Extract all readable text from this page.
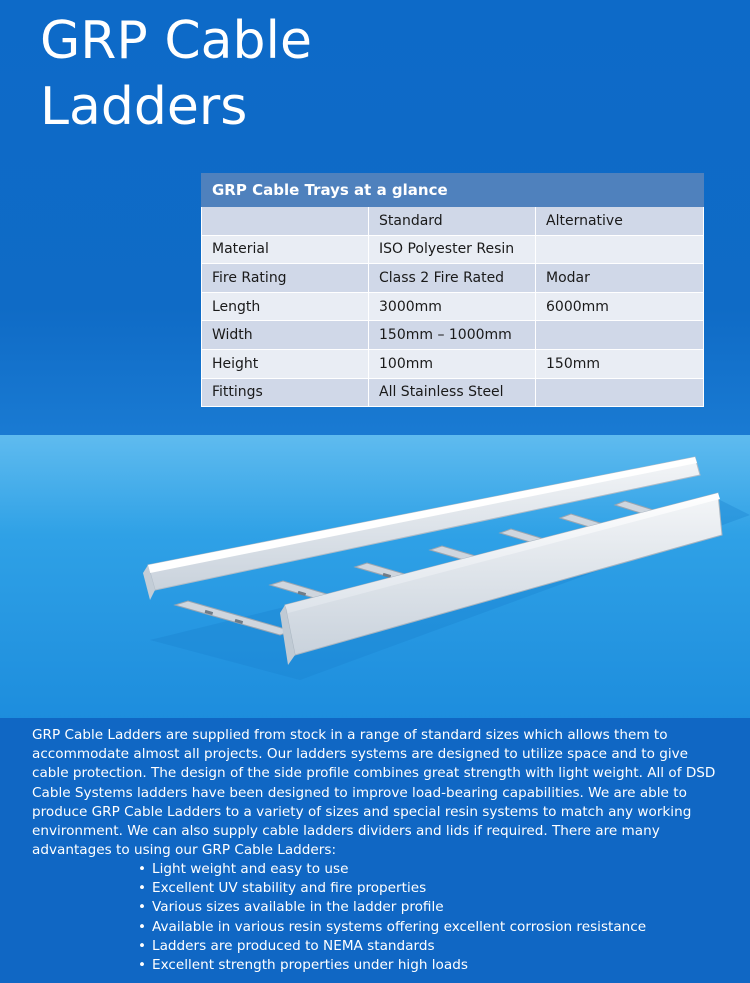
GRP Cable Ladders
GRP Cable Trays at a glance		
	Standard	Alternative
Material	ISO Polyester Resin	
Fire Rating	Class 2 Fire Rated	Modar
Length	3000mm	6000mm
Width	150mm – 1000mm	
Height	100mm	150mm
Fittings	All Stainless Steel	

GRP Cable Ladders are supplied from stock in a range of standard sizes which allows them to accommodate almost all projects. Our ladders systems are designed to utilize space and to give cable protection. The design of the side profile combines great strength with light weight. All of DSD Cable Systems ladders have been designed to improve load-bearing capabilities. We are able to produce GRP Cable Ladders to a variety of sizes and special resin systems to match any working environment. We can also supply cable ladders dividers and lids if required. There are many advantages to using our GRP Cable Ladders:

• Light weight and easy to use
• Excellent UV stability and fire properties
• Various sizes available in the ladder profile
• Available in various resin systems offering excellent corrosion resistance
• Ladders are produced to NEMA standards
• Excellent strength properties under high loads
